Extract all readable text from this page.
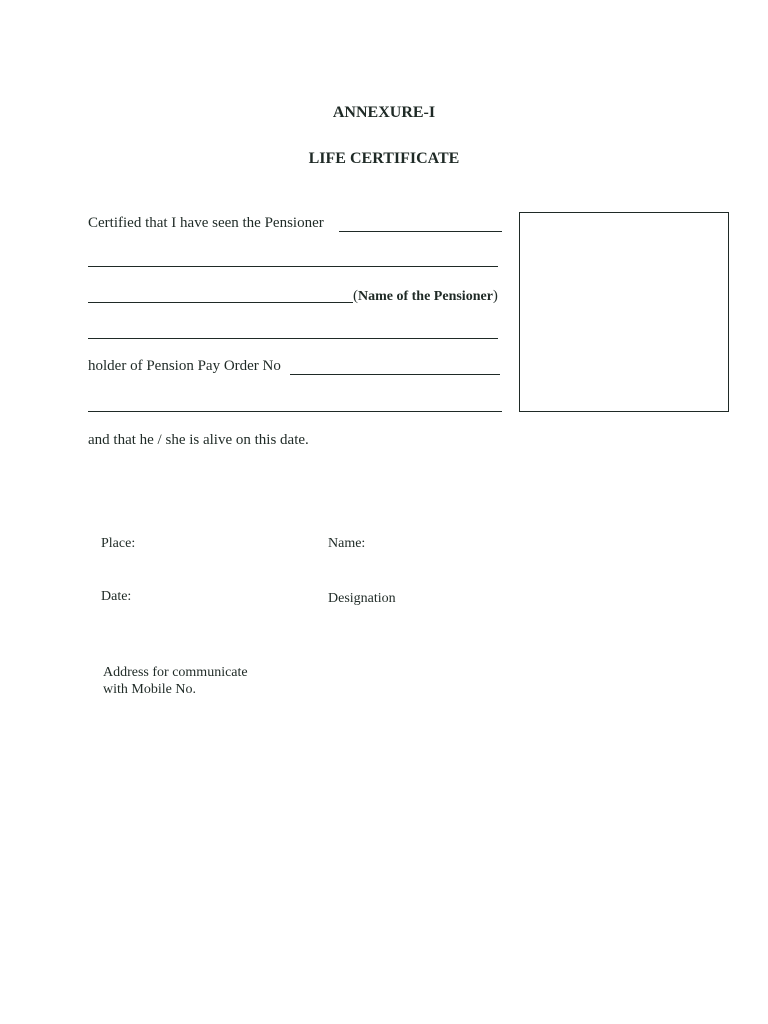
ANNEXURE-I
LIFE CERTIFICATE
Certified that I have seen the Pensioner
(Name of the Pensioner)
holder of Pension Pay Order No
and that he / she is alive on this date.
Place:	Name:
Date:	Designation
Address for communicate
with Mobile No.
